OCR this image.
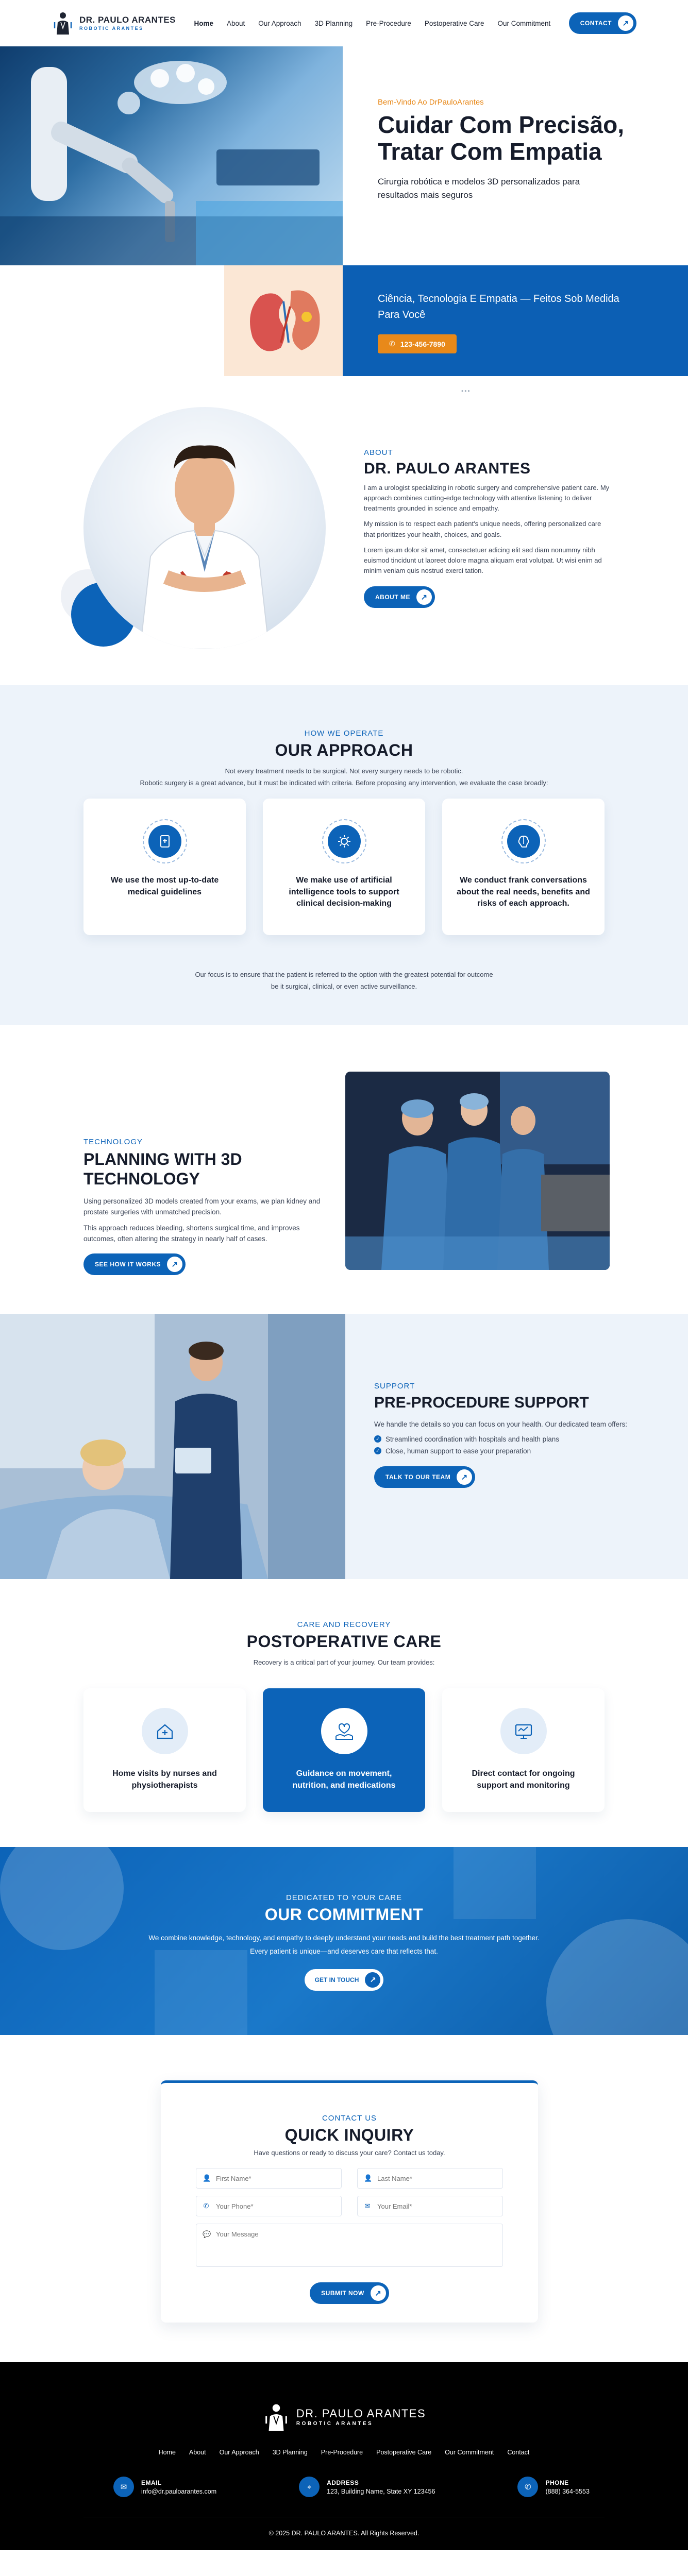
DR. PAULO ARANTES
ROBOTIC ARANTES
Home About Our Approach 3D Planning Pre-Procedure Postoperative Care Our Commitment	CONTACT	↗
Bem-Vindo Ao DrPauloArantes
Cuidar Com Precisão, Tratar Com Empatia

Cirurgia robótica e modelos 3D personalizados para resultados mais seguros

Ciência, Tecnologia E Empatia — Feitos Sob Medida Para Você
✆ 123-456-7890
•••
ABOUT
DR. PAULO ARANTES

I am a urologist specializing in robotic surgery and comprehensive patient care. My approach combines cutting-edge technology with attentive listening to deliver treatments grounded in science and empathy.

My mission is to respect each patient's unique needs, offering personalized care that prioritizes your health, choices, and goals.

Lorem ipsum dolor sit amet, consectetuer adicing elit sed diam nonummy nibh euismod tincidunt ut laoreet dolore magna aliquam erat volutpat. Ut wisi enim ad minim veniam quis nostrud exerci tation.

ABOUT ME	↗
HOW WE OPERATE
OUR APPROACH
Not every treatment needs to be surgical. Not every surgery needs to be robotic.
Robotic surgery is a great advance, but it must be indicated with criteria. Before proposing any intervention, we evaluate the case broadly:
We use the most up-to-date medical guidelines
We make use of artificial intelligence tools to support clinical decision-making
We conduct frank conversations about the real needs, benefits and risks of each approach.
Our focus is to ensure that the patient is referred to the option with the greatest potential for outcome
be it surgical, clinical, or even active surveillance.
TECHNOLOGY
PLANNING WITH 3D TECHNOLOGY

Using personalized 3D models created from your exams, we plan kidney and prostate surgeries with unmatched precision.

This approach reduces bleeding, shortens surgical time, and improves outcomes, often altering the strategy in nearly half of cases.

SEE HOW IT WORKS	↗
SUPPORT
PRE-PROCEDURE SUPPORT

We handle the details so you can focus on your health. Our dedicated team offers:

✓ Streamlined coordination with hospitals and health plans
✓ Close, human support to ease your preparation
TALK TO OUR TEAM	↗
CARE AND RECOVERY
POSTOPERATIVE CARE
Recovery is a critical part of your journey. Our team provides:
Home visits by nurses and physiotherapists
Guidance on movement, nutrition, and medications
Direct contact for ongoing support and monitoring
DEDICATED TO YOUR CARE
OUR COMMITMENT
We combine knowledge, technology, and empathy to deeply understand your needs and build the best treatment path together.
Every patient is unique—and deserves care that reflects that.
GET IN TOUCH	↗
CONTACT US
QUICK INQUIRY
Have questions or ready to discuss your care? Contact us today.
👤
First Name*	👤
Last Name*
✆
Your Phone*	✉
Your Email*
💬
Your Message
SUBMIT NOW	↗
DR. PAULO ARANTES
ROBOTIC ARANTES
Home About Our Approach 3D Planning Pre-Procedure Postoperative Care Our Commitment Contact
✉
EMAIL
info@dr.pauloarantes.com	⌖	ADDRESS
123, Building Name, State XY 123456	✆
PHONE
(888) 364-5553
© 2025 DR. PAULO ARANTES. All Rights Reserved.
